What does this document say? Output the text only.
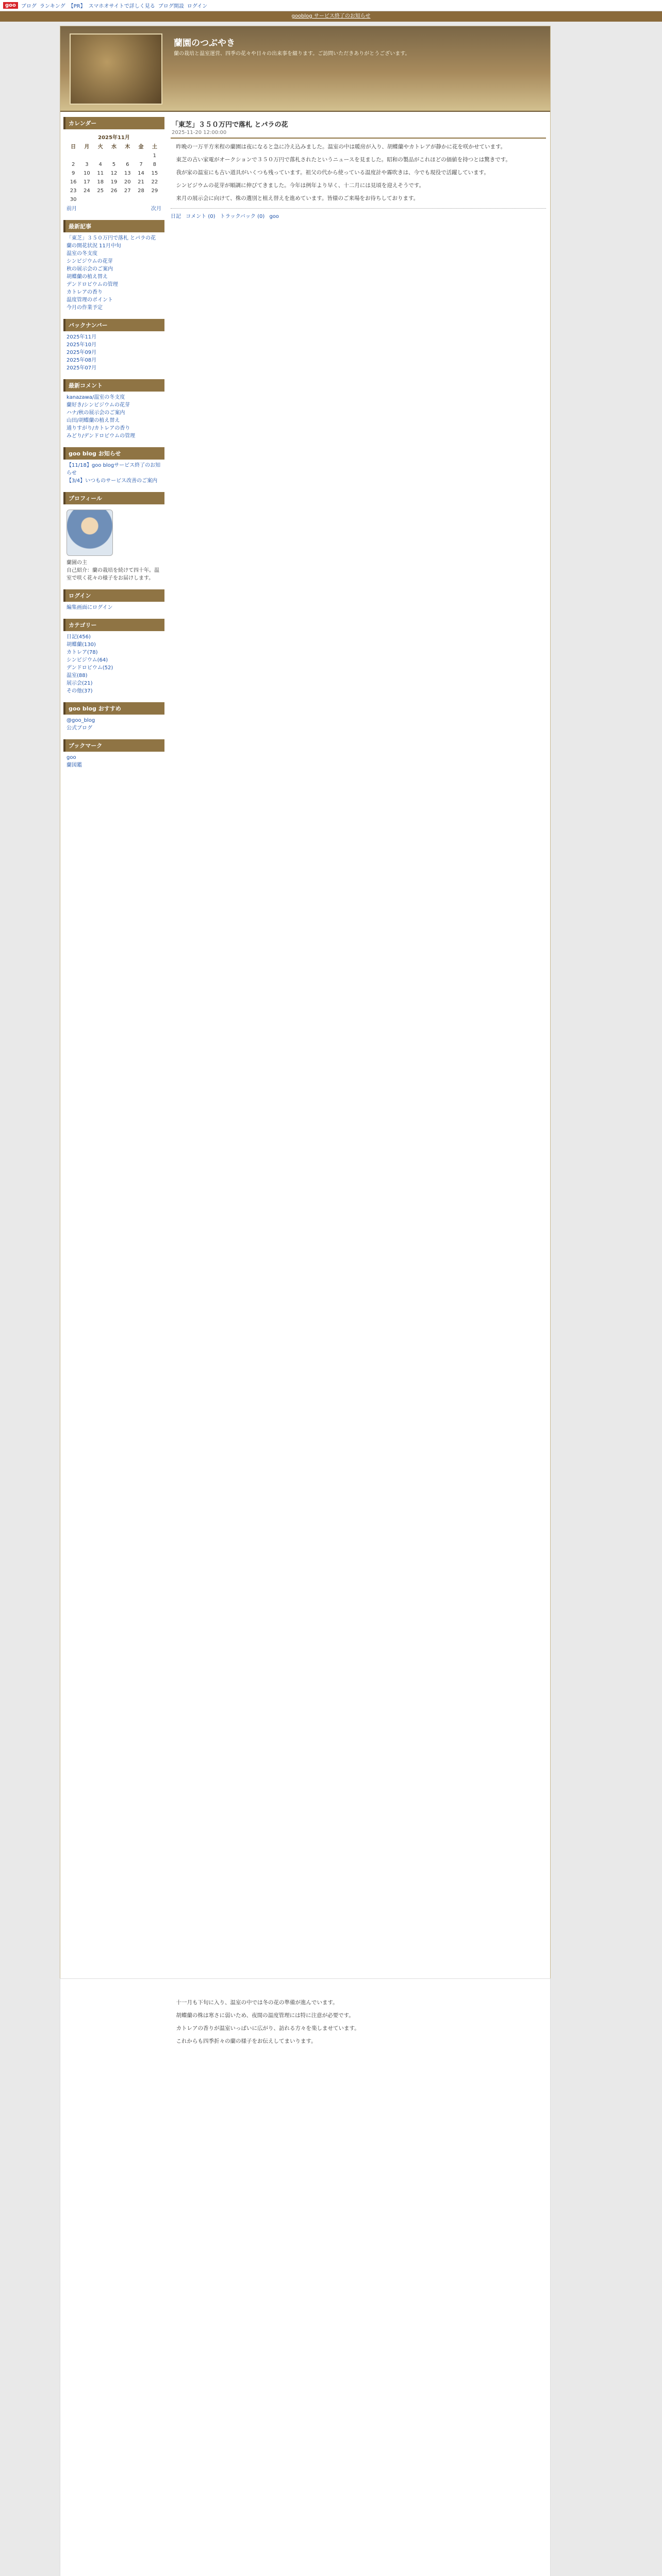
goo	ブログ ランキング 【PR】 スマホオサイトで詳しく見る ブログ開設 ログイン
gooblog サービス終了のお知らせ
蘭園のつぶやき
蘭の栽培と温室運営、四季の花々や日々の出来事を綴ります。ご訪問いただきありがとうございます。
カレンダー
2025年11月						
日	月	火	水	木	金	土
						1
2	3	4	5	6	7	8
9	10	11	12	13	14	15
16	17	18	19	20	21	22
23	24	25	26	27	28	29
30						
前月	次月
最新記事
「東芝」３５０万円で落札 とパラの花
蘭の開花状況 11月中旬
温室の冬支度
シンビジウムの花芽
秋の展示会のご案内
胡蝶蘭の植え替え
デンドロビウムの管理
カトレアの香り
温度管理のポイント
今月の作業予定
バックナンバー
2025年11月
2025年10月
2025年09月
2025年08月
2025年07月
最新コメント
kanazawa/温室の冬支度
蘭好き/シンビジウムの花芽
ハナ/秋の展示会のご案内
山田/胡蝶蘭の植え替え
通りすがり/カトレアの香り
みどり/デンドロビウムの管理
goo blog お知らせ
【11/18】goo blogサービス終了のお知らせ
【3/4】いつものサービス改善のご案内
プロフィール
蘭園の主
自己紹介：蘭の栽培を続けて四十年。温室で咲く花々の様子をお届けします。
ログイン
編集画面にログイン
カテゴリー
日記(456)
胡蝶蘭(130)
カトレア(78)
シンビジウム(64)
デンドロビウム(52)
温室(88)
展示会(21)
その他(37)
goo blog おすすめ
@goo_blog
公式ブログ
ブックマーク
goo
蘭図鑑
「東芝」３５０万円で落札 とパラの花
2025-11-20 12:00:00

昨晩の一万平方米程の蘭園は夜になると急に冷え込みました。温室の中は暖房が入り、胡蝶蘭やカトレアが静かに花を咲かせています。

東芝の古い家電がオークションで３５０万円で落札されたというニュースを見ました。昭和の製品がこれほどの価値を持つとは驚きです。

我が家の温室にも古い道具がいくつも残っています。祖父の代から使っている温度計や霧吹きは、今でも現役で活躍しています。

シンビジウムの花芽が順調に伸びてきました。今年は例年より早く、十二月には見頃を迎えそうです。

来月の展示会に向けて、株の選別と植え替えを進めています。皆様のご来場をお待ちしております。

日記 コメント (0) トラックバック (0) goo

十一月も下旬に入り、温室の中では冬の花の準備が進んでいます。

胡蝶蘭の株は寒さに弱いため、夜間の温度管理には特に注意が必要です。

カトレアの香りが温室いっぱいに広がり、訪れる方々を楽しませています。

これからも四季折々の蘭の様子をお伝えしてまいります。
